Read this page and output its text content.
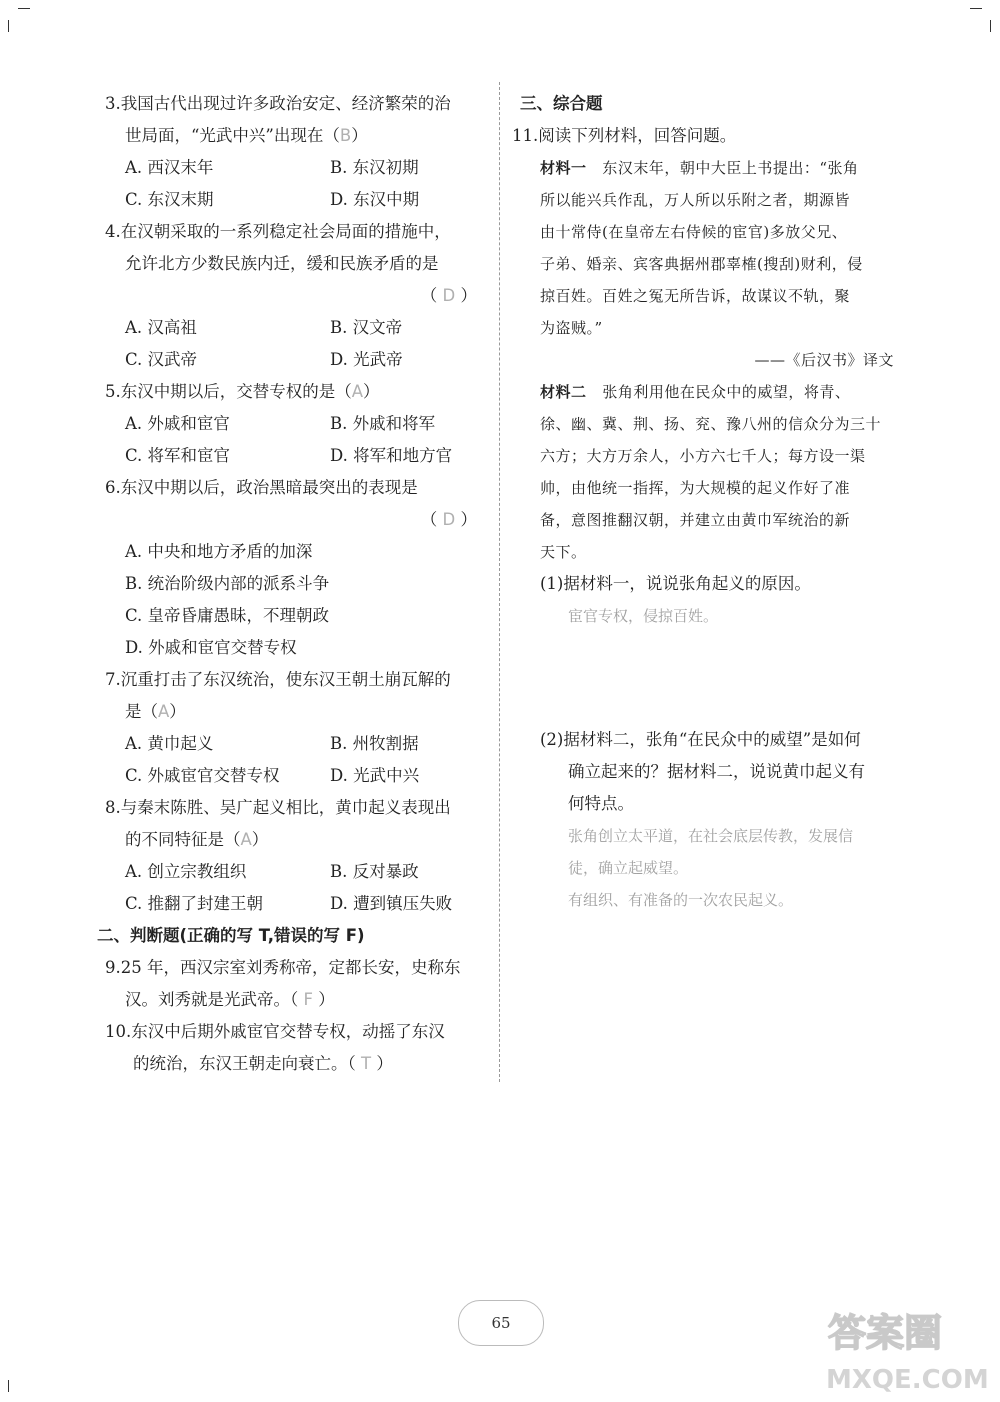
3.我国古代出现过许多政治安定、经济繁荣的治
世局面，“光武中兴”出现在（B）
A. 西汉末年	B. 东汉初期
C. 东汉末期	D. 东汉中期
4.在汉朝采取的一系列稳定社会局面的措施中，
允许北方少数民族内迁，缓和民族矛盾的是
（ D ）
A. 汉高祖	B. 汉文帝
C. 汉武帝	D. 光武帝
5.东汉中期以后，交替专权的是（A）
A. 外戚和宦官	B. 外戚和将军
C. 将军和宦官	D. 将军和地方官
6.东汉中期以后，政治黑暗最突出的表现是
（ D ）
A. 中央和地方矛盾的加深
B. 统治阶级内部的派系斗争
C. 皇帝昏庸愚昧，不理朝政
D. 外戚和宦官交替专权
7.沉重打击了东汉统治，使东汉王朝土崩瓦解的
是（A）
A. 黄巾起义	B. 州牧割据
C. 外戚宦官交替专权	D. 光武中兴
8.与秦末陈胜、吴广起义相比，黄巾起义表现出
的不同特征是（A）
A. 创立宗教组织	B. 反对暴政
C. 推翻了封建王朝	D. 遭到镇压失败
二、判断题(正确的写 T,错误的写 F)
9.25 年，西汉宗室刘秀称帝，定都长安，史称东
汉。刘秀就是光武帝。（ F ）
10.东汉中后期外戚宦官交替专权，动摇了东汉
的统治，东汉王朝走向衰亡。（ T ）
三、综合题
11.阅读下列材料，回答问题。
材料一 东汉末年，朝中大臣上书提出：“张角
所以能兴兵作乱，万人所以乐附之者，期源皆
由十常侍(在皇帝左右侍候的宦官)多放父兄、
子弟、婚亲、宾客典据州郡辜榷(搜刮)财利，侵
掠百姓。百姓之冤无所告诉，故谋议不轨，聚
为盗贼。”
——《后汉书》译文
材料二 张角利用他在民众中的威望，将青、
徐、幽、冀、荆、扬、兖、豫八州的信众分为三十
六方；大方万余人，小方六七千人；每方设一渠
帅，由他统一指挥，为大规模的起义作好了准
备，意图推翻汉朝，并建立由黄巾军统治的新
天下。
(1)据材料一，说说张角起义的原因。
宦官专权，侵掠百姓。
(2)据材料二，张角“在民众中的威望”是如何
确立起来的？据材料二，说说黄巾起义有
何特点。
张角创立太平道，在社会底层传教，发展信
徒，确立起威望。
有组织、有准备的一次农民起义。
65	答案圈
MXQE.COM
